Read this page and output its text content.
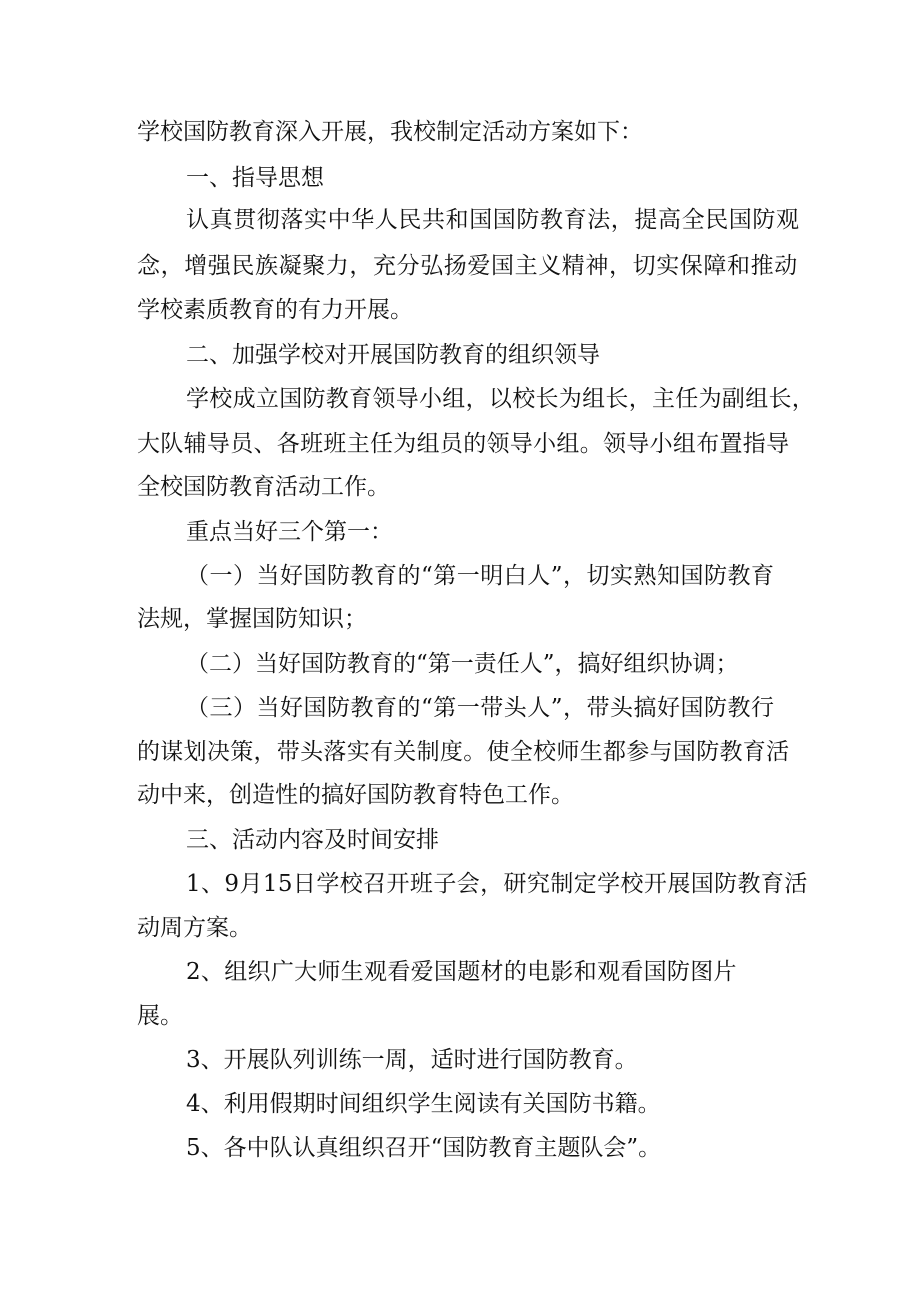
学校国防教育深入开展，我校制定活动方案如下：
一、指导思想
认真贯彻落实中华人民共和国国防教育法，提高全民国防观
念，增强民族凝聚力，充分弘扬爱国主义精神，切实保障和推动
学校素质教育的有力开展。
二、加强学校对开展国防教育的组织领导
学校成立国防教育领导小组，以校长为组长，主任为副组长，
大队辅导员、各班班主任为组员的领导小组。领导小组布置指导
全校国防教育活动工作。
重点当好三个第一：
（一）当好国防教育的“第一明白人”，切实熟知国防教育
法规，掌握国防知识；
（二）当好国防教育的“第一责任人”，搞好组织协调；
（三）当好国防教育的“第一带头人”，带头搞好国防教行
的谋划决策，带头落实有关制度。使全校师生都参与国防教育活
动中来，创造性的搞好国防教育特色工作。
三、活动内容及时间安排
1、9月15日学校召开班子会，研究制定学校开展国防教育活
动周方案。
2、组织广大师生观看爱国题材的电影和观看国防图片
展。
3、开展队列训练一周，适时进行国防教育。
4、利用假期时间组织学生阅读有关国防书籍。
5、各中队认真组织召开“国防教育主题队会”。
